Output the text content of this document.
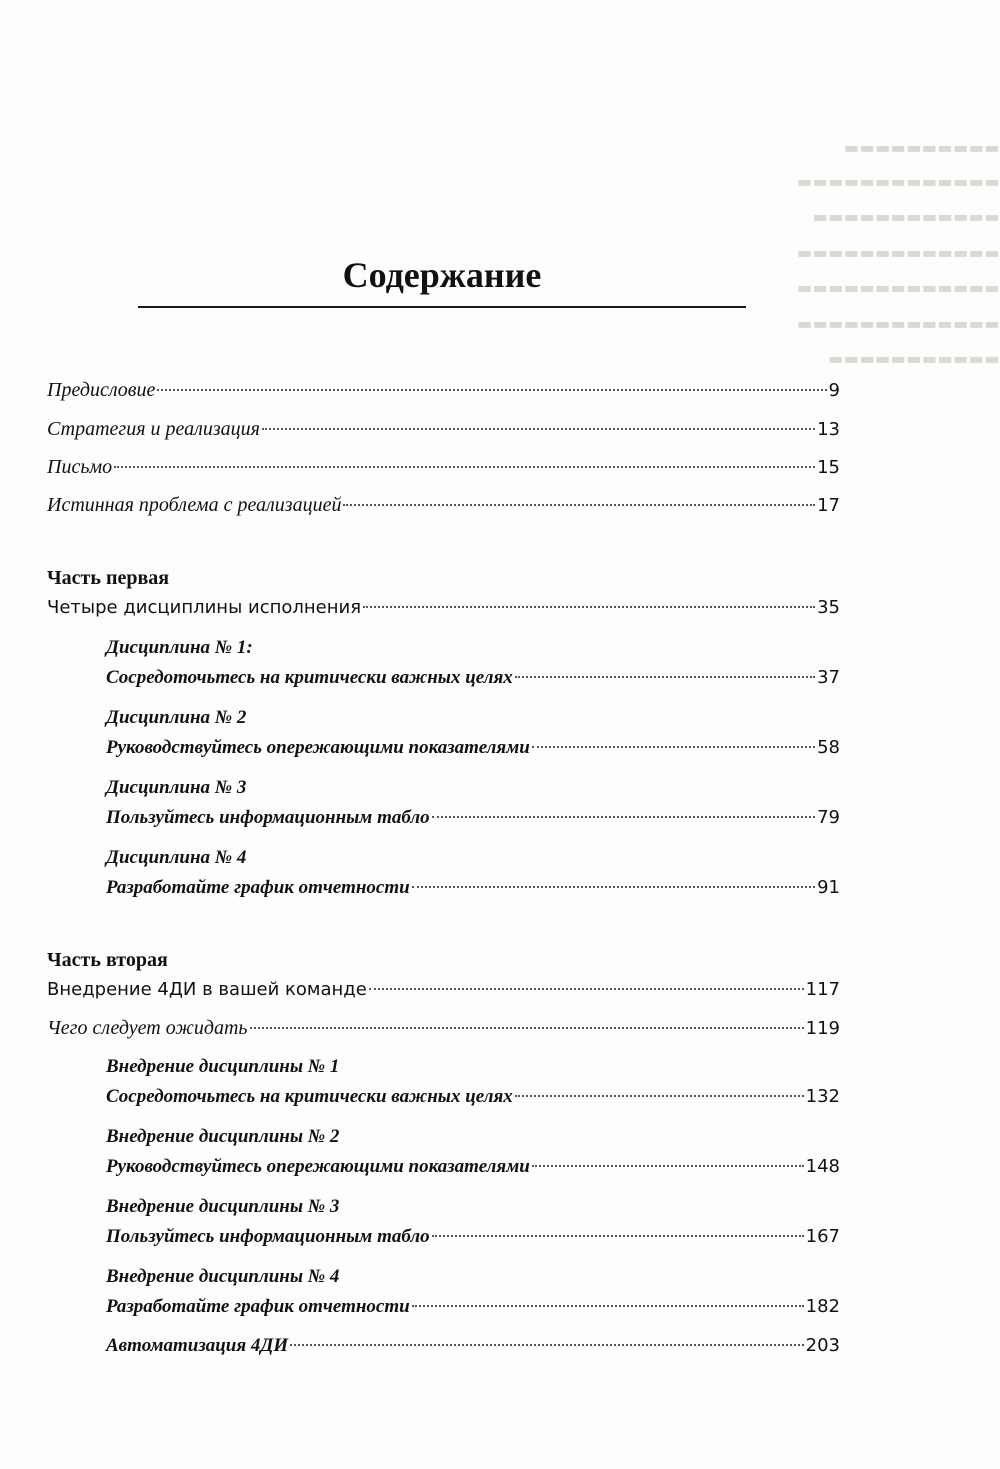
▬▬▬▬▬▬▬▬▬▬
▬▬▬▬▬▬▬▬▬▬▬▬▬
▬▬▬▬▬▬▬▬▬▬▬▬
▬▬▬▬▬▬▬▬▬▬▬▬▬
▬▬▬▬▬▬▬▬▬▬▬▬▬
▬▬▬▬▬▬▬▬▬▬▬▬▬
▬▬▬▬▬▬▬▬▬▬▬
Содержание
Предисловие	9
Стратегия и реализация	13
Письмо	15
Истинная проблема с реализацией	17
Часть первая
Четыре дисциплины исполнения	35
Дисциплина № 1:
Сосредоточьтесь на критически важных целях	37
Дисциплина № 2
Руководствуйтесь опережающими показателями	58
Дисциплина № 3
Пользуйтесь информационным табло	79
Дисциплина № 4
Разработайте график отчетности	91
Часть вторая
Внедрение 4ДИ в вашей команде	117
Чего следует ожидать	119
Внедрение дисциплины № 1
Сосредоточьтесь на критически важных целях	132
Внедрение дисциплины № 2
Руководствуйтесь опережающими показателями	148
Внедрение дисциплины № 3
Пользуйтесь информационным табло	167
Внедрение дисциплины № 4
Разработайте график отчетности	182
Автоматизация 4ДИ	203
